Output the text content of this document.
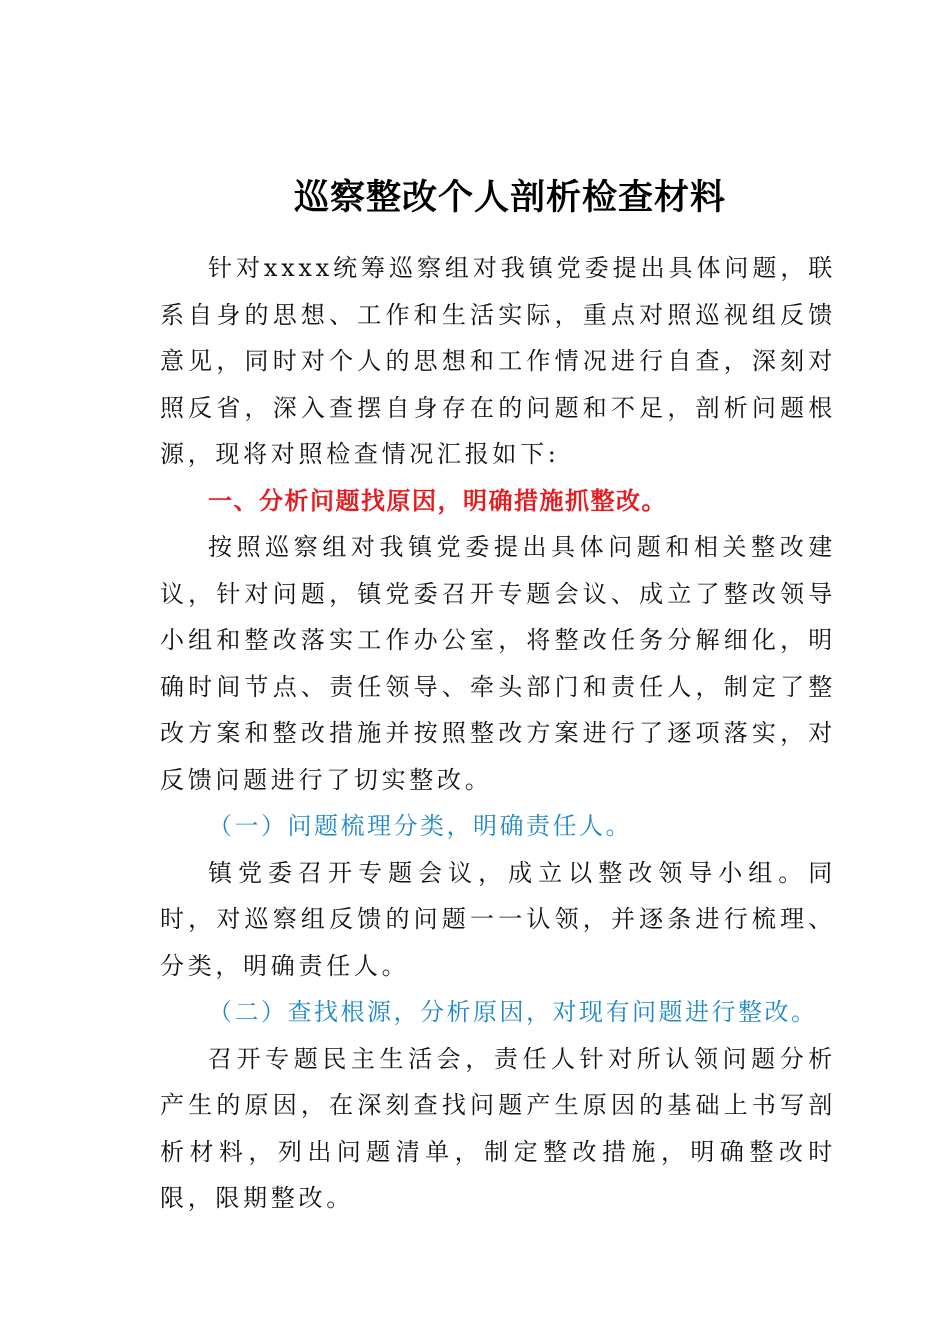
巡察整改个人剖析检查材料

针对xxxx统筹巡察组对我镇党委提出具体问题，联系自身的思想、工作和生活实际，重点对照巡视组反馈意见，同时对个人的思想和工作情况进行自查，深刻对照反省，深入查摆自身存在的问题和不足，剖析问题根源，现将对照检查情况汇报如下:

一、分析问题找原因，明确措施抓整改。

按照巡察组对我镇党委提出具体问题和相关整改建议，针对问题，镇党委召开专题会议、成立了整改领导小组和整改落实工作办公室，将整改任务分解细化，明确时间节点、责任领导、牵头部门和责任人，制定了整改方案和整改措施并按照整改方案进行了逐项落实，对反馈问题进行了切实整改。

（一）问题梳理分类，明确责任人。

镇党委召开专题会议，成立以整改领导小组。同时，对巡察组反馈的问题一一认领，并逐条进行梳理、分类，明确责任人。

（二）查找根源，分析原因，对现有问题进行整改。

召开专题民主生活会，责任人针对所认领问题分析产生的原因，在深刻查找问题产生原因的基础上书写剖析材料，列出问题清单，制定整改措施，明确整改时限，限期整改。
